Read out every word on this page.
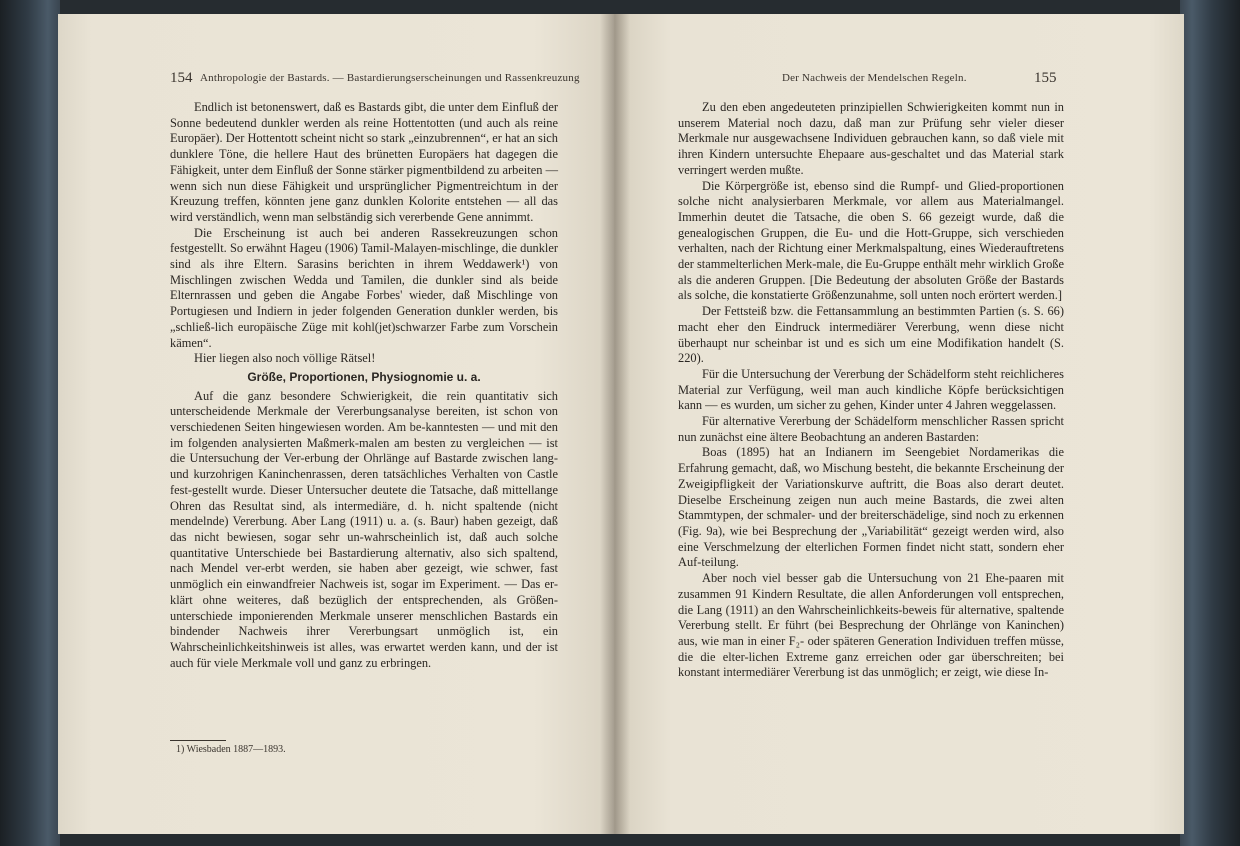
154 Anthropologie der Bastards. — Bastardierungserscheinungen und Rassenkreuzung

Endlich ist betonenswert, daß es Bastards gibt, die unter dem Einfluß der Sonne bedeutend dunkler werden als reine Hottentotten (und auch als reine Europäer). Der Hottentott scheint nicht so stark „einzubrennen“, er hat an sich dunklere Töne, die hellere Haut des brünetten Europäers hat dagegen die Fähigkeit, unter dem Einfluß der Sonne stärker pigmentbildend zu arbeiten — wenn sich nun diese Fähigkeit und ursprünglicher Pigmentreichtum in der Kreuzung treffen, könnten jene ganz dunklen Kolorite entstehen — all das wird verständlich, wenn man selbständig sich vererbende Gene annimmt.

Die Erscheinung ist auch bei anderen Rassekreuzungen schon festgestellt. So erwähnt Hageu (1906) Tamil-Malayen-mischlinge, die dunkler sind als ihre Eltern. Sarasins berichten in ihrem Weddawerk¹) von Mischlingen zwischen Wedda und Tamilen, die dunkler sind als beide Elternrassen und geben die Angabe Forbes' wieder, daß Mischlinge von Portugiesen und Indiern in jeder folgenden Generation dunkler werden, bis „schließ-lich europäische Züge mit kohl(jet)schwarzer Farbe zum Vorschein kämen“.

Hier liegen also noch völlige Rätsel!

Größe, Proportionen, Physiognomie u. a.

Auf die ganz besondere Schwierigkeit, die rein quantitativ sich unterscheidende Merkmale der Vererbungsanalyse bereiten, ist schon von verschiedenen Seiten hingewiesen worden. Am be-kanntesten — und mit den im folgenden analysierten Maßmerk-malen am besten zu vergleichen — ist die Untersuchung der Ver-erbung der Ohrlänge auf Bastarde zwischen lang- und kurzohrigen Kaninchenrassen, deren tatsächliches Verhalten von Castle fest-gestellt wurde. Dieser Untersucher deutete die Tatsache, daß mittellange Ohren das Resultat sind, als intermediäre, d. h. nicht spaltende (nicht mendelnde) Vererbung. Aber Lang (1911) u. a. (s. Baur) haben gezeigt, daß das nicht bewiesen, sogar sehr un-wahrscheinlich ist, daß auch solche quantitative Unterschiede bei Bastardierung alternativ, also sich spaltend, nach Mendel ver-erbt werden, sie haben aber gezeigt, wie schwer, fast unmöglich ein einwandfreier Nachweis ist, sogar im Experiment. — Das er-klärt ohne weiteres, daß bezüglich der entsprechenden, als Größen-unterschiede imponierenden Merkmale unserer menschlichen Bastards ein bindender Nachweis ihrer Vererbungsart unmöglich ist, ein Wahrscheinlichkeitshinweis ist alles, was erwartet werden kann, und der ist auch für viele Merkmale voll und ganz zu erbringen.

1) Wiesbaden 1887—1893.
Der Nachweis der Mendelschen Regeln.	155

Zu den eben angedeuteten prinzipiellen Schwierigkeiten kommt nun in unserem Material noch dazu, daß man zur Prüfung sehr vieler dieser Merkmale nur ausgewachsene Individuen gebrauchen kann, so daß viele mit ihren Kindern untersuchte Ehepaare aus-geschaltet und das Material stark verringert werden mußte.

Die Körpergröße ist, ebenso sind die Rumpf- und Glied-proportionen solche nicht analysierbaren Merkmale, vor allem aus Materialmangel. Immerhin deutet die Tatsache, die oben S. 66 gezeigt wurde, daß die genealogischen Gruppen, die Eu- und die Hott-Gruppe, sich verschieden verhalten, nach der Richtung einer Merkmalspaltung, eines Wiederauftretens der stammelterlichen Merk-male, die Eu-Gruppe enthält mehr wirklich Große als die anderen Gruppen. [Die Bedeutung der absoluten Größe der Bastards als solche, die konstatierte Größenzunahme, soll unten noch erörtert werden.]

Der Fettsteiß bzw. die Fettansammlung an bestimmten Partien (s. S. 66) macht eher den Eindruck intermediärer Vererbung, wenn diese nicht überhaupt nur scheinbar ist und es sich um eine Modifikation handelt (S. 220).

Für die Untersuchung der Vererbung der Schädelform steht reichlicheres Material zur Verfügung, weil man auch kindliche Köpfe berücksichtigen kann — es wurden, um sicher zu gehen, Kinder unter 4 Jahren weggelassen.

Für alternative Vererbung der Schädelform menschlicher Rassen spricht nun zunächst eine ältere Beobachtung an anderen Bastarden:

Boas (1895) hat an Indianern im Seengebiet Nordamerikas die Erfahrung gemacht, daß, wo Mischung besteht, die bekannte Erscheinung der Zweigipfligkeit der Variationskurve auftritt, die Boas also derart deutet. Dieselbe Erscheinung zeigen nun auch meine Bastards, die zwei alten Stammtypen, der schmaler- und der breiterschädelige, sind noch zu erkennen (Fig. 9a), wie bei Besprechung der „Variabilität“ gezeigt werden wird, also eine Verschmelzung der elterlichen Formen findet nicht statt, sondern eher Auf-teilung.

Aber noch viel besser gab die Untersuchung von 21 Ehe-paaren mit zusammen 91 Kindern Resultate, die allen Anforderungen voll entsprechen, die Lang (1911) an den Wahrscheinlichkeits-beweis für alternative, spaltende Vererbung stellt. Er führt (bei Besprechung der Ohrlänge von Kaninchen) aus, wie man in einer F₂- oder späteren Generation Individuen treffen müsse, die die elter-lichen Extreme ganz erreichen oder gar überschreiten; bei konstant intermediärer Vererbung ist das unmöglich; er zeigt, wie diese In-
